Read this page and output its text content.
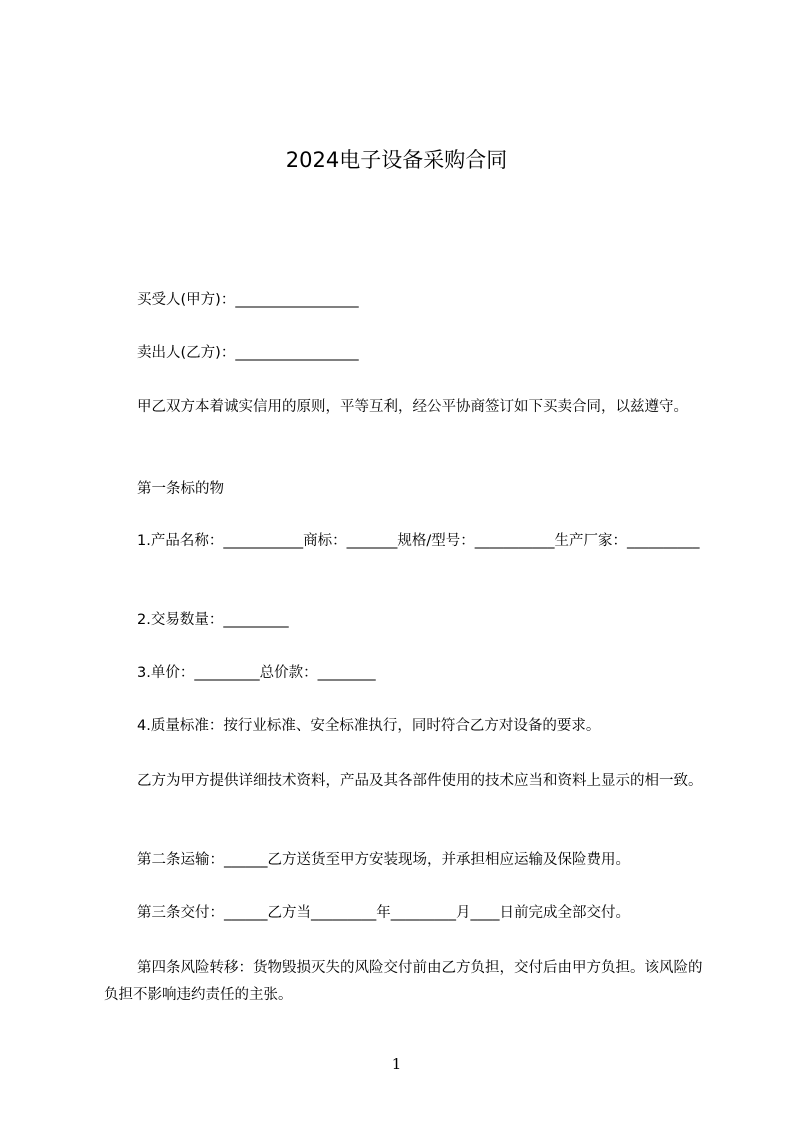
2024电子设备采购合同
买受人(甲方)：_________________
卖出人(乙方)：_________________
甲乙双方本着诚实信用的原则，平等互利，经公平协商签订如下买卖合同，以兹遵守。
第一条标的物
1.产品名称：___________商标：_______规格/型号：___________生产厂家：__________
2.交易数量：_________
3.单价：_________总价款：________
4.质量标准：按行业标准、安全标准执行，同时符合乙方对设备的要求。
乙方为甲方提供详细技术资料，产品及其各部件使用的技术应当和资料上显示的相一致。
第二条运输：______乙方送货至甲方安装现场，并承担相应运输及保险费用。
第三条交付：______乙方当_________年_________月____日前完成全部交付。
第四条风险转移：货物毁损灭失的风险交付前由乙方负担，交付后由甲方负担。该风险的负担不影响违约责任的主张。
1
